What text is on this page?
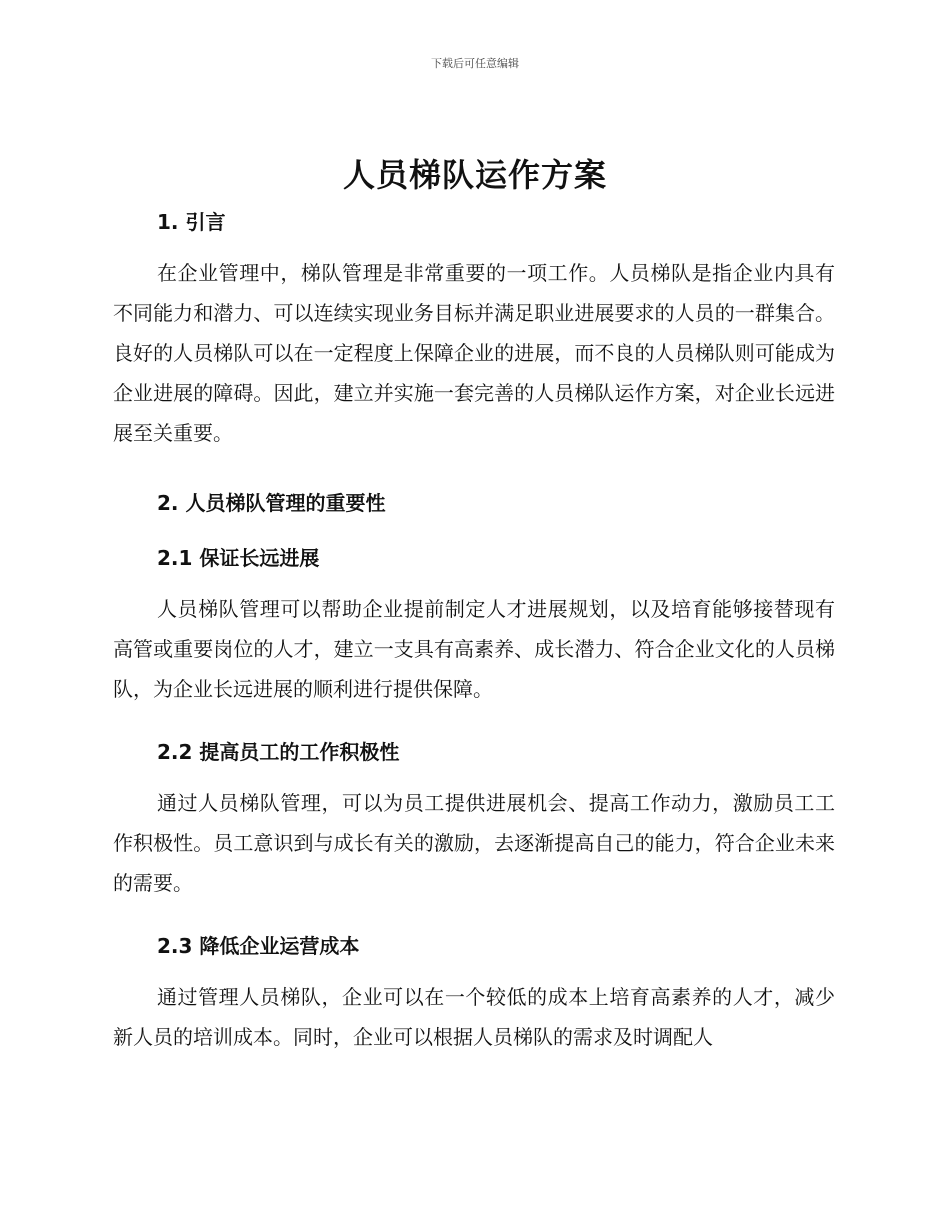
下载后可任意编辑
人员梯队运作方案
1. 引言

在企业管理中，梯队管理是非常重要的一项工作。人员梯队是指企业内具有不同能力和潜力、可以连续实现业务目标并满足职业进展要求的人员的一群集合。良好的人员梯队可以在一定程度上保障企业的进展，而不良的人员梯队则可能成为企业进展的障碍。因此，建立并实施一套完善的人员梯队运作方案，对企业长远进展至关重要。

2. 人员梯队管理的重要性
2.1 保证长远进展

人员梯队管理可以帮助企业提前制定人才进展规划，以及培育能够接替现有高管或重要岗位的人才，建立一支具有高素养、成长潜力、符合企业文化的人员梯队，为企业长远进展的顺利进行提供保障。

2.2 提高员工的工作积极性

通过人员梯队管理，可以为员工提供进展机会、提高工作动力，激励员工工作积极性。员工意识到与成长有关的激励，去逐渐提高自己的能力，符合企业未来的需要。

2.3 降低企业运营成本

通过管理人员梯队，企业可以在一个较低的成本上培育高素养的人才，减少新人员的培训成本。同时，企业可以根据人员梯队的需求及时调配人
